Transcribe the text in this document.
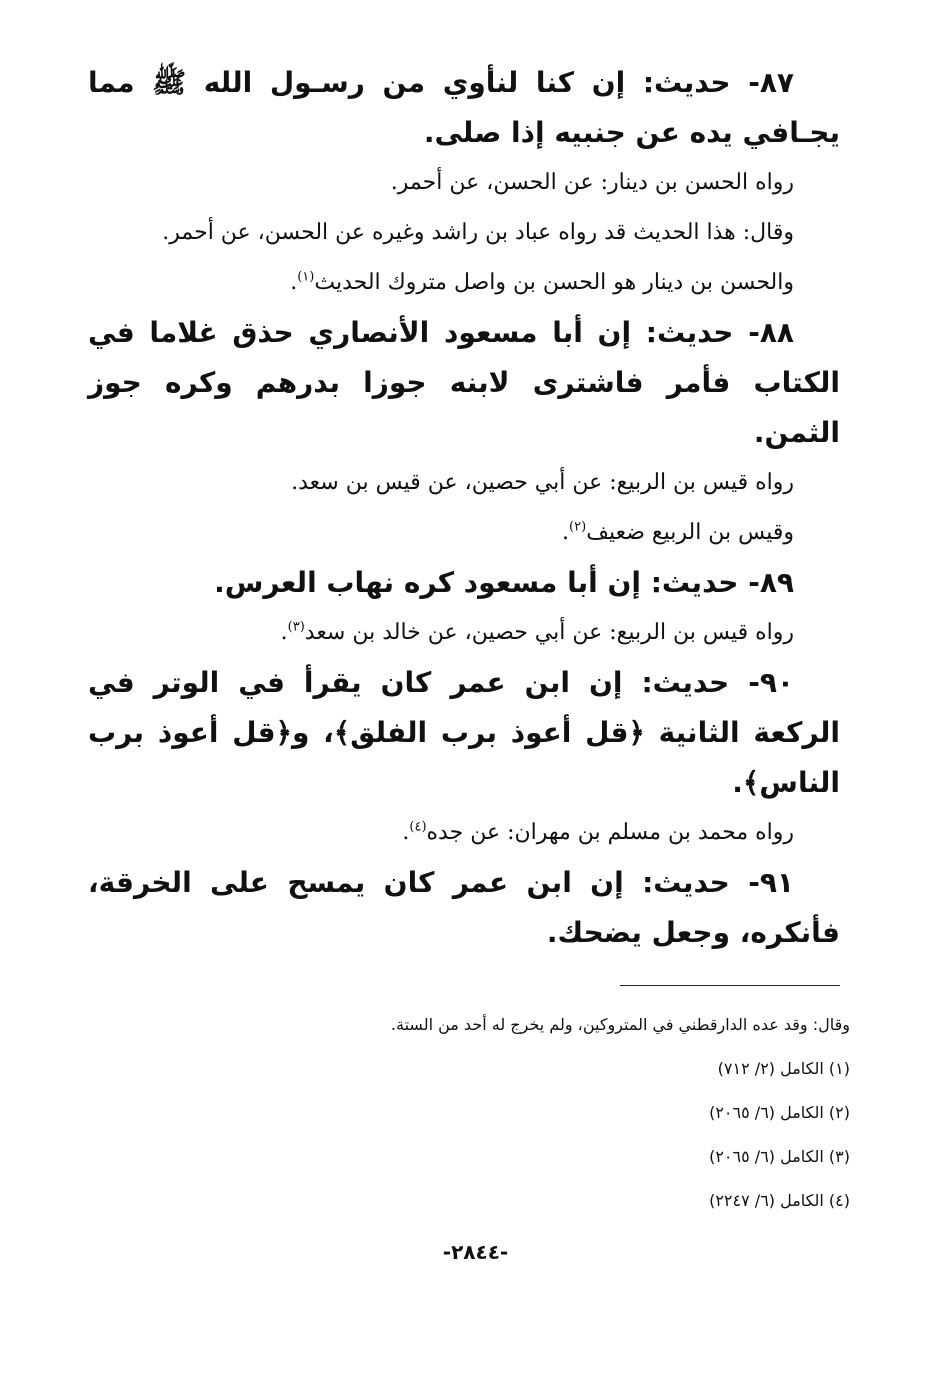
٨٧- حديث: إن كنا لنأوي من رسـول الله ﷺ مما يجـافي يده عن جنبيه إذا صلى.

رواه الحسن بن دينار: عن الحسن، عن أحمر.

وقال: هذا الحديث قد رواه عباد بن راشد وغيره عن الحسن، عن أحمر.

والحسن بن دينار هو الحسن بن واصل متروك الحديث$^{(١)}$.

٨٨- حديث: إن أبا مسعود الأنصاري حذق غلاما في الكتاب فأمر فاشترى لابنه جوزا بدرهم وكره جوز الثمن.

رواه قيس بن الربيع: عن أبي حصين، عن قيس بن سعد.

وقيس بن الربيع ضعيف$^{(٢)}$.

٨٩- حديث: إن أبا مسعود كره نهاب العرس.

رواه قيس بن الربيع: عن أبي حصين، عن خالد بن سعد$^{(٣)}$.

٩٠- حديث: إن ابن عمر كان يقرأ في الوتر في الركعة الثانية ﴿قل أعوذ برب الفلق﴾، و﴿قل أعوذ برب الناس﴾.

رواه محمد بن مسلم بن مهران: عن جده$^{(٤)}$.

٩١- حديث: إن ابن عمر كان يمسح على الخرقة، فأنكره، وجعل يضحك.

وقال: وقد عده الدارقطني في المتروكين، ولم يخرج له أحد من الستة.

(١) الكامل (٢/ ٧١٢)

(٢) الكامل (٦/ ٢٠٦٥)

(٣) الكامل (٦/ ٢٠٦٥)

(٤) الكامل (٦/ ٢٢٤٧)

-٢٨٤٤-
